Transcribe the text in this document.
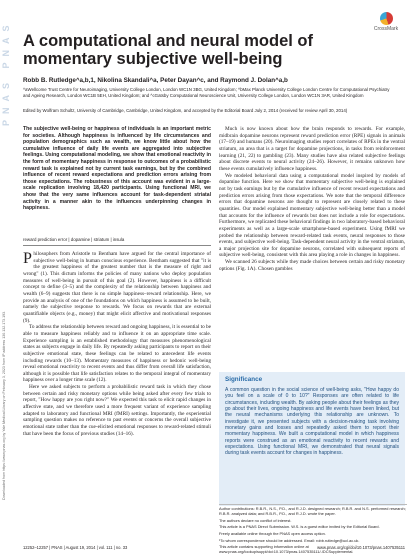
PNAS PNAS
Downloaded from https://www.pnas.org by Yale Medical Library on February 3, 2023 from IP address 130.132.173.193.
CrossMark
A computational and neural model of momentary subjective well-being

Robb B. Rutledge^a,b,1, Nikolina Skandali^a, Peter Dayan^c, and Raymond J. Dolan^a,b

^aWellcome Trust Centre for Neuroimaging, University College London, London WC1N 3BG, United Kingdom; ^bMax Planck University College London Centre for Computational Psychiatry and Ageing Research, London WC1B 5EH, United Kingdom; and ^cGatsby Computational Neuroscience Unit, University College London, London WC1N 3AR, United Kingdom

Edited by Wolfram Schultz, University of Cambridge, Cambridge, United Kingdom, and accepted by the Editorial Board July 2, 2014 (received for review April 30, 2014)

The subjective well-being or happiness of individuals is an important metric for societies. Although happiness is influenced by life circumstances and population demographics such as wealth, we know little about how the cumulative influence of daily life events are aggregated into subjective feelings. Using computational modeling, we show that emotional reactivity in the form of momentary happiness in response to outcomes of a probabilistic reward task is explained not by current task earnings, but by the combined influence of recent reward expectations and prediction errors arising from those expectations. The robustness of this account was evident in a large-scale replication involving 18,420 participants. Using functional MRI, we show that the very same influences account for task-dependent striatal activity in a manner akin to the influences underpinning changes in happiness.

reward prediction error | dopamine | striatum | insula

Philosophers from Aristotle to Bentham have argued for the central importance of subjective well-being in human conscious experience. Bentham suggested that "it is the greatest happiness of the greatest number that is the measure of right and wrong" (1). This dictum informs the policies of many nations who deploy population measures of well-being in pursuit of this goal (2). However, happiness is a difficult concept to define (3–5) and the complexity of the relationship between happiness and wealth (6–9) suggests that there is no simple happiness–reward relationship. Here, we provide an analysis of one of the foundations on which happiness is assumed to be built, namely the subjective response to rewards. We focus on rewards that are external quantifiable objects (e.g., money) that might elicit affective and motivational responses (9).

To address the relationship between reward and ongoing happiness, it is essential to be able to measure happiness reliably and to influence it on an appropriate time scale. Experience sampling is an established methodology that measures phenomenological states as subjects engage in daily life. By repeatedly asking participants to report on their subjective emotional state, these feelings can be related to antecedent life events including rewards (10–13). Momentary measures of happiness or hedonic well-being reveal emotional reactivity to recent events and thus differ from overall life satisfaction, although it is possible that life satisfaction relates to the temporal integral of momentary happiness over a longer time scale (12).

Here we asked subjects to perform a probabilistic reward task in which they chose between certain and risky monetary options while being asked after every few trials to report, "How happy are you right now?" We expected this task to elicit rapid changes in affective state, and we therefore used a more frequent variant of experience sampling adapted to laboratory and functional MRI (fMRI) settings. Importantly, the experiential sampling question makes no reference to past events or concerns the overall subjective emotional state rather than the cue-elicited emotional responses to reward-related stimuli that have been the focus of previous studies (14–16).

Much is now known about how the brain responds to rewards. For example, midbrain dopamine neurons represent reward prediction error (RPE) signals in animals (17–19) and humans (20). Neuroimaging studies report correlates of RPEs in the ventral striatum, an area that is a target for dopamine projections, in tasks from reinforcement learning (21, 22) to gambling (23). Many studies have also related subjective feelings about discrete events to neural activity (24–26). However, it remains unknown how these events cumulatively influence happiness.

We modeled behavioral data using a computational model inspired by models of dopamine function. Here we show that momentary subjective well-being is explained not by task earnings but by the cumulative influence of recent reward expectations and prediction errors arising from those expectations. We note that the temporal difference errors that dopamine neurons are thought to represent are closely related to these quantities. Our model explained momentary subjective well-being better than a model that accounts for the influence of rewards but does not include a role for expectations. Furthermore, we replicated these behavioral findings in two laboratory-based behavioral experiments as well as a large-scale smartphone-based experiment. Using fMRI we probed the relationship between reward-related task events, neural responses to those events, and subjective well-being. Task-dependent neural activity in the ventral striatum, a major projection site for dopamine neurons, correlated with subsequent reports of subjective well-being, consistent with this area playing a role in changes in happiness.

We scanned 26 subjects while they made choices between certain and risky monetary options (Fig. 1A). Chosen gambles

Significance

A common question in the social science of well-being asks, "How happy do you feel on a scale of 0 to 10?" Responses are often related to life circumstances, including wealth. By asking people about their feelings as they go about their lives, ongoing happiness and life events have been linked, but the neural mechanisms underlying this relationship are unknown. To investigate it, we presented subjects with a decision-making task involving monetary gains and losses and repeatedly asked them to report their momentary happiness. We built a computational model in which happiness reports were construed as an emotional reactivity to recent rewards and expectations. Using functional MRI, we demonstrated that neural signals during task events account for changes in happiness.

Author contributions: R.B.R., N.S., P.D., and R.J.D. designed research; R.B.R. and N.S. performed research; R.B.R. analyzed data; and R.B.R., P.D., and R.J.D. wrote the paper.

The authors declare no conflict of interest.

This article is a PNAS Direct Submission. W.S. is a guest editor invited by the Editorial Board.

Freely available online through the PNAS open access option.

¹To whom correspondence should be addressed. Email: robb.rutledge@ucl.ac.uk.

This article contains supporting information online at www.pnas.org/lookup/suppl/doi:10.1073/pnas.1407535111/-/DCSupplemental.

12252–12257 | PNAS | August 19, 2014 | vol. 111 | no. 33	www.pnas.org/cgi/doi/10.1073/pnas.1407535111
